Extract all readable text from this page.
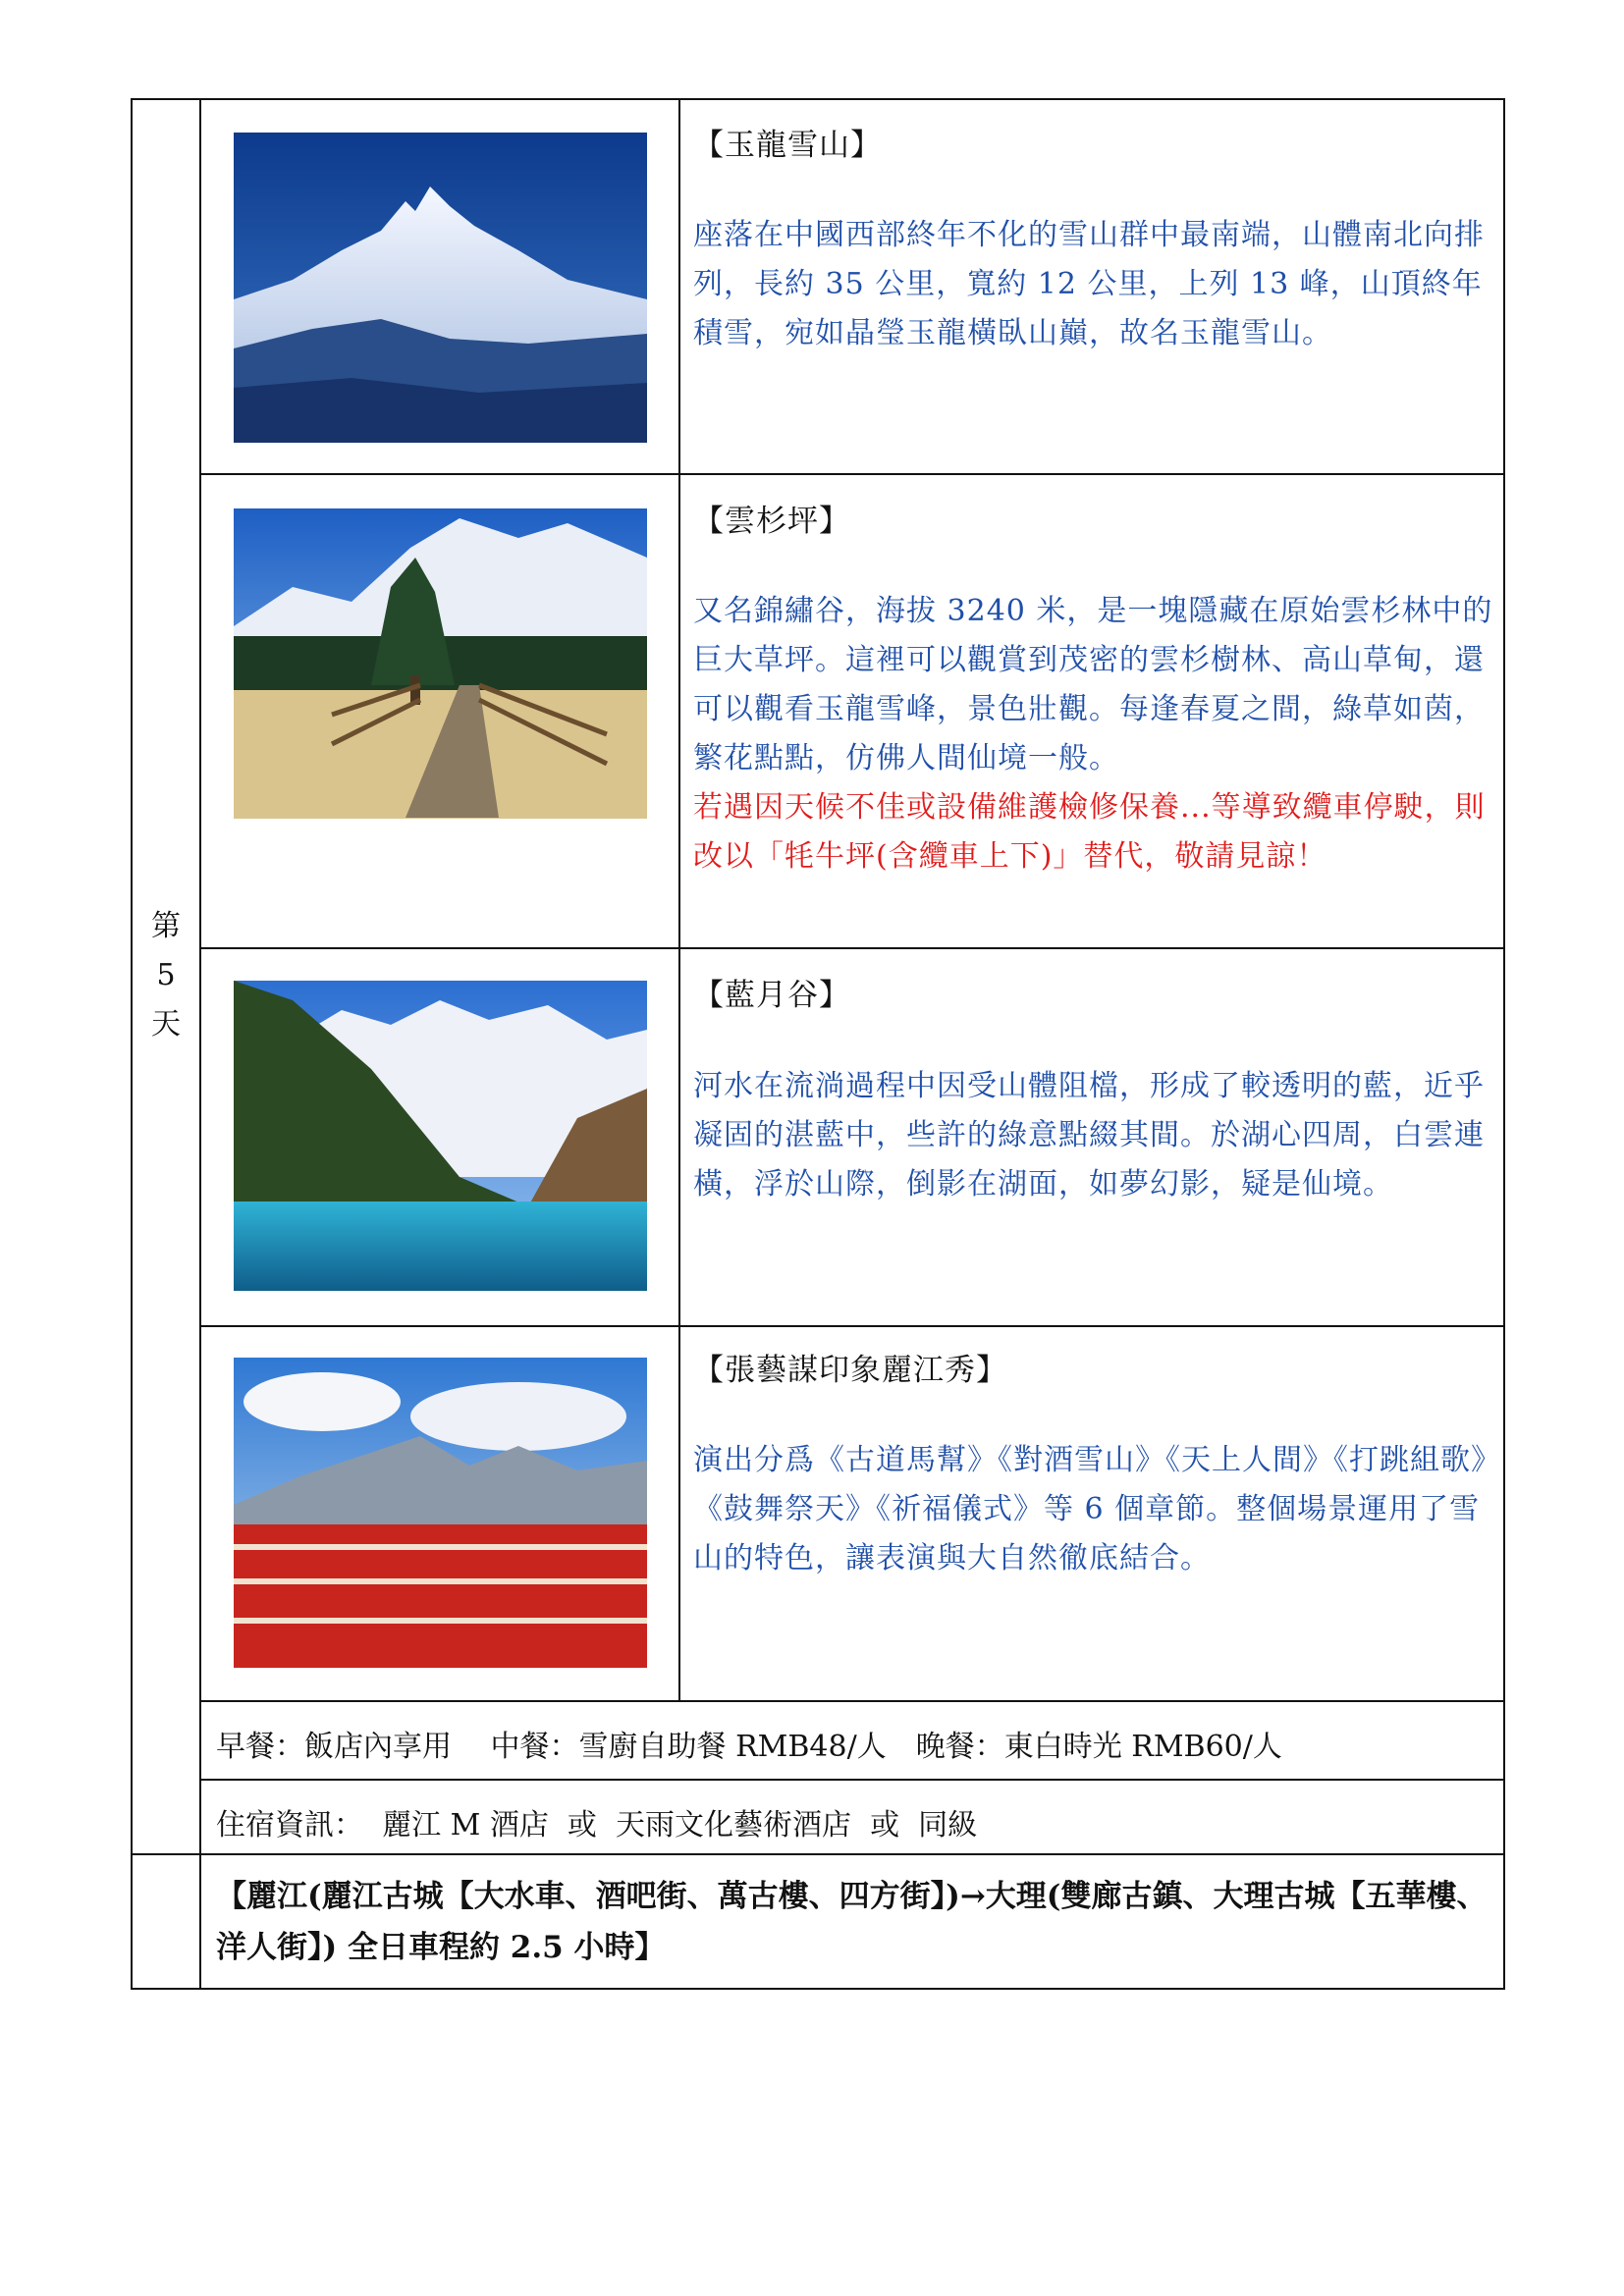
第
5
天
【玉龍雪山】
座落在中國西部終年不化的雪山群中最南端，山體南北向排列，長約 35 公里，寬約 12 公里，上列 13 峰，山頂終年積雪，宛如晶瑩玉龍橫臥山巔，故名玉龍雪山。
【雲杉坪】
又名錦繡谷，海拔 3240 米，是一塊隱藏在原始雲杉林中的巨大草坪。這裡可以觀賞到茂密的雲杉樹林、高山草甸，還可以觀看玉龍雪峰，景色壯觀。每逢春夏之間，綠草如茵，繁花點點，仿佛人間仙境一般。
若遇因天候不佳或設備維護檢修保養...等導致纜車停駛，則改以「牦牛坪(含纜車上下)」替代，敬請見諒！
【藍月谷】
河水在流淌過程中因受山體阻檔，形成了較透明的藍，近乎凝固的湛藍中，些許的綠意點綴其間。於湖心四周，白雲連橫，浮於山際，倒影在湖面，如夢幻影，疑是仙境。
【張藝謀印象麗江秀】
演出分爲《古道馬幫》《對酒雪山》《天上人間》《打跳組歌》《鼓舞祭天》《祈福儀式》等 6 個章節。整個場景運用了雪山的特色，讓表演與大自然徹底結合。
早餐：飯店內享用　 中餐：雪廚自助餐 RMB48/人　晚餐：東白時光 RMB60/人
住宿資訊：  麗江 M 酒店  或  天雨文化藝術酒店  或  同級
【麗江(麗江古城【大水車、酒吧街、萬古樓、四方街】)→大理(雙廊古鎮、大理古城【五華樓、洋人街】) 全日車程約 2.5 小時】
